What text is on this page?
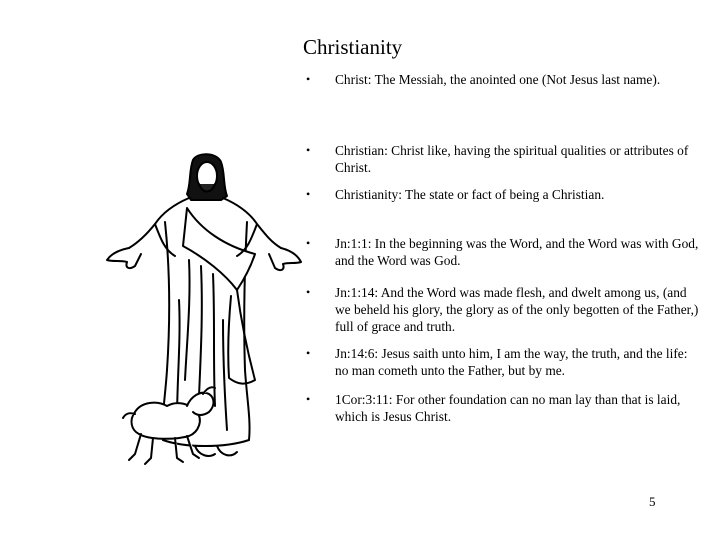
Christianity
• Christ: The Messiah, the anointed one (Not Jesus last name).
• Christian: Christ like, having the spiritual qualities or attributes of Christ.
• Christianity: The state or fact of being a Christian.
• Jn:1:1: In the beginning was the Word, and the Word was with God, and the Word was God.
• Jn:1:14: And the Word was made flesh, and dwelt among us, (and we beheld his glory, the glory as of the only begotten of the Father,) full of grace and truth.
• Jn:14:6: Jesus saith unto him, I am the way, the truth, and the life: no man cometh unto the Father, but by me.
• 1Cor:3:11: For other foundation can no man lay than that is laid, which is Jesus Christ.
5
